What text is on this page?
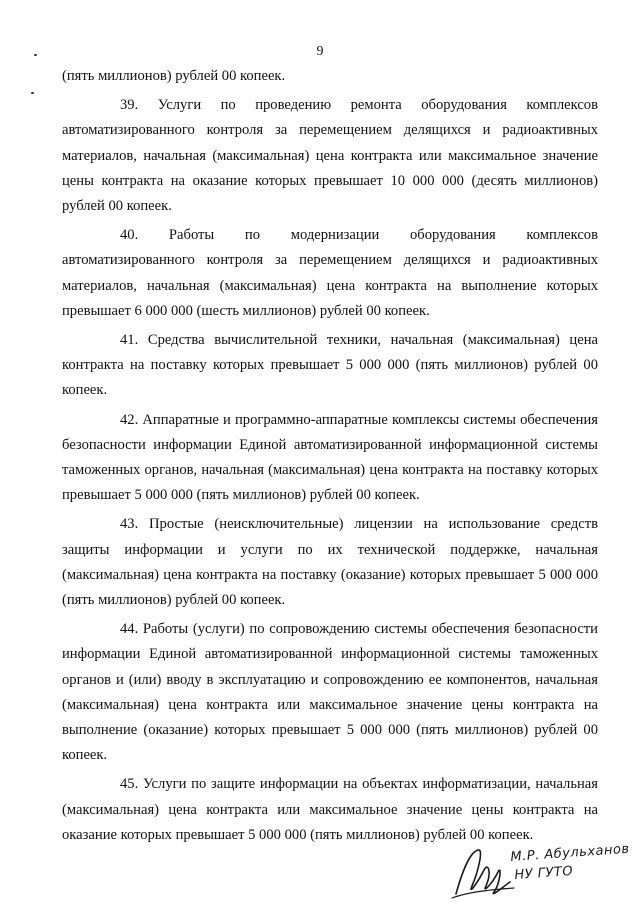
9

(пять миллионов) рублей 00 копеек.

39. Услуги по проведению ремонта оборудования комплексов автоматизированного контроля за перемещением делящихся и радиоактивных материалов, начальная (максимальная) цена контракта или максимальное значение цены контракта на оказание которых превышает 10 000 000 (десять миллионов) рублей 00 копеек.

40. Работы по модернизации оборудования комплексов автоматизированного контроля за перемещением делящихся и радиоактивных материалов, начальная (максимальная) цена контракта на выполнение которых превышает 6 000 000 (шесть миллионов) рублей 00 копеек.

41. Средства вычислительной техники, начальная (максимальная) цена контракта на поставку которых превышает 5 000 000 (пять миллионов) рублей 00 копеек.

42. Аппаратные и программно-аппаратные комплексы системы обеспечения безопасности информации Единой автоматизированной информационной системы таможенных органов, начальная (максимальная) цена контракта на поставку которых превышает 5 000 000 (пять миллионов) рублей 00 копеек.

43. Простые (неисключительные) лицензии на использование средств защиты информации и услуги по их технической поддержке, начальная (максимальная) цена контракта на поставку (оказание) которых превышает 5 000 000 (пять миллионов) рублей 00 копеек.

44. Работы (услуги) по сопровождению системы обеспечения безопасности информации Единой автоматизированной информационной системы таможенных органов и (или) вводу в эксплуатацию и сопровождению ее компонентов, начальная (максимальная) цена контракта или максимальное значение цены контракта на выполнение (оказание) которых превышает 5 000 000 (пять миллионов) рублей 00 копеек.

45. Услуги по защите информации на объектах информатизации, начальная (максимальная) цена контракта или максимальное значение цены контракта на оказание которых превышает 5 000 000 (пять миллионов) рублей 00 копеек.

М.Р. Абульханов
НУ ГУТО
